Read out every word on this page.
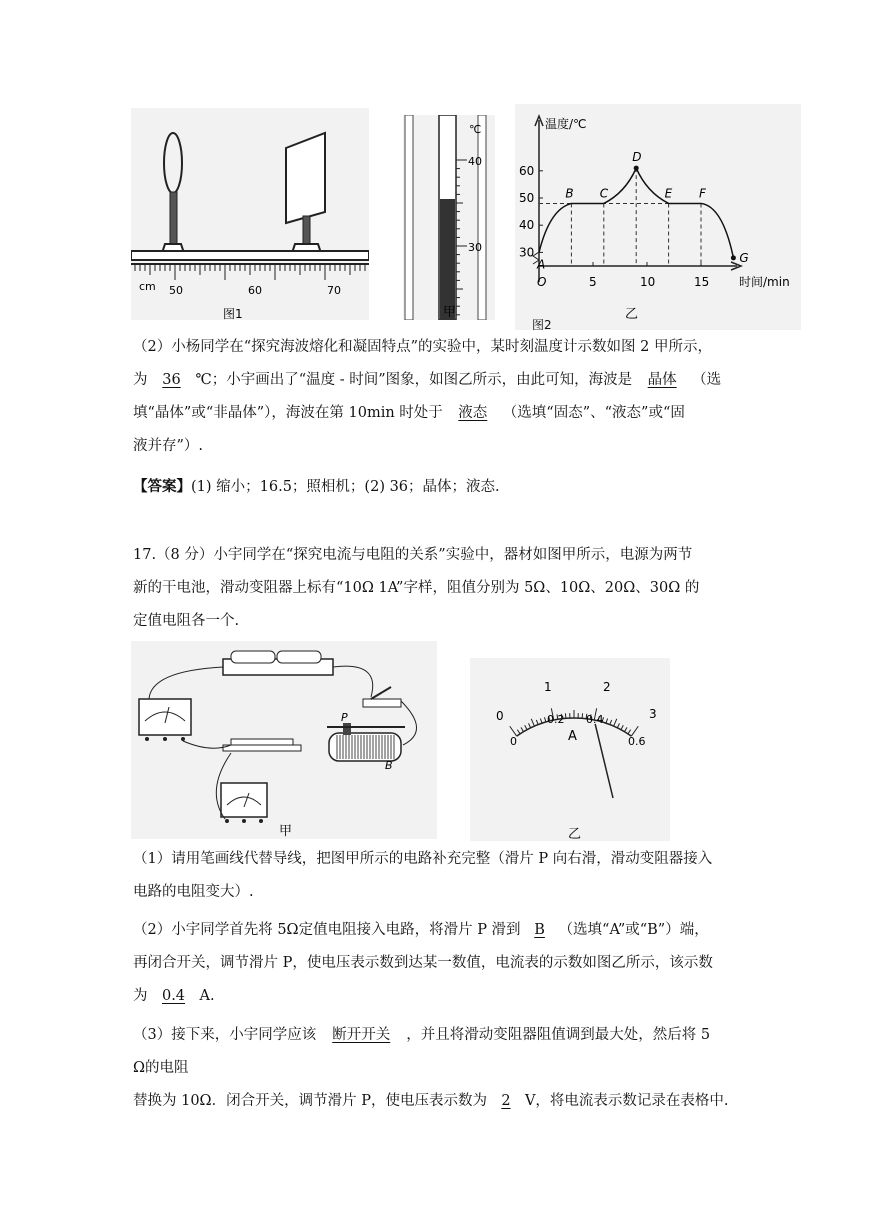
cm 50	60	70
图1
℃
40
30
甲
60
50
40
30
5	10	15
A
B C
D
E F
G
温度/℃
时间/min
O
乙
图2
（2）小杨同学在“探究海波熔化和凝固特点”的实验中，某时刻温度计示数如图 2 甲所示，
为 36 ℃；小宇画出了“温度 - 时间”图象，如图乙所示，由此可知，海波是 晶体 （选
填“晶体”或“非晶体”），海波在第 10min 时处于 液态 （选填“固态”、“液态”或“固
液并存”）.
【答案】(1) 缩小；16.5；照相机；(2) 36；晶体；液态.
17.（8 分）小宇同学在“探究电流与电阻的关系”实验中，器材如图甲所示，电源为两节
新的干电池，滑动变阻器上标有“10Ω 1A”字样，阻值分别为 5Ω、10Ω、20Ω、30Ω 的
定值电阻各一个.
P
B
甲
0
1	2
3
0
0.2 0.4
0.6
A
乙
（1）请用笔画线代替导线，把图甲所示的电路补充完整（滑片 P 向右滑，滑动变阻器接入
电路的电阻变大）.
（2）小宇同学首先将 5Ω定值电阻接入电路，将滑片 P 滑到 B （选填“A”或“B”）端，
再闭合开关，调节滑片 P，使电压表示数到达某一数值，电流表的示数如图乙所示，该示数
为 0.4 A.
（3）接下来，小宇同学应该 断开开关 ，并且将滑动变阻器阻值调到最大处，然后将 5
Ω的电阻
替换为 10Ω．闭合开关，调节滑片 P，使电压表示数为 2 V，将电流表示数记录在表格中.
